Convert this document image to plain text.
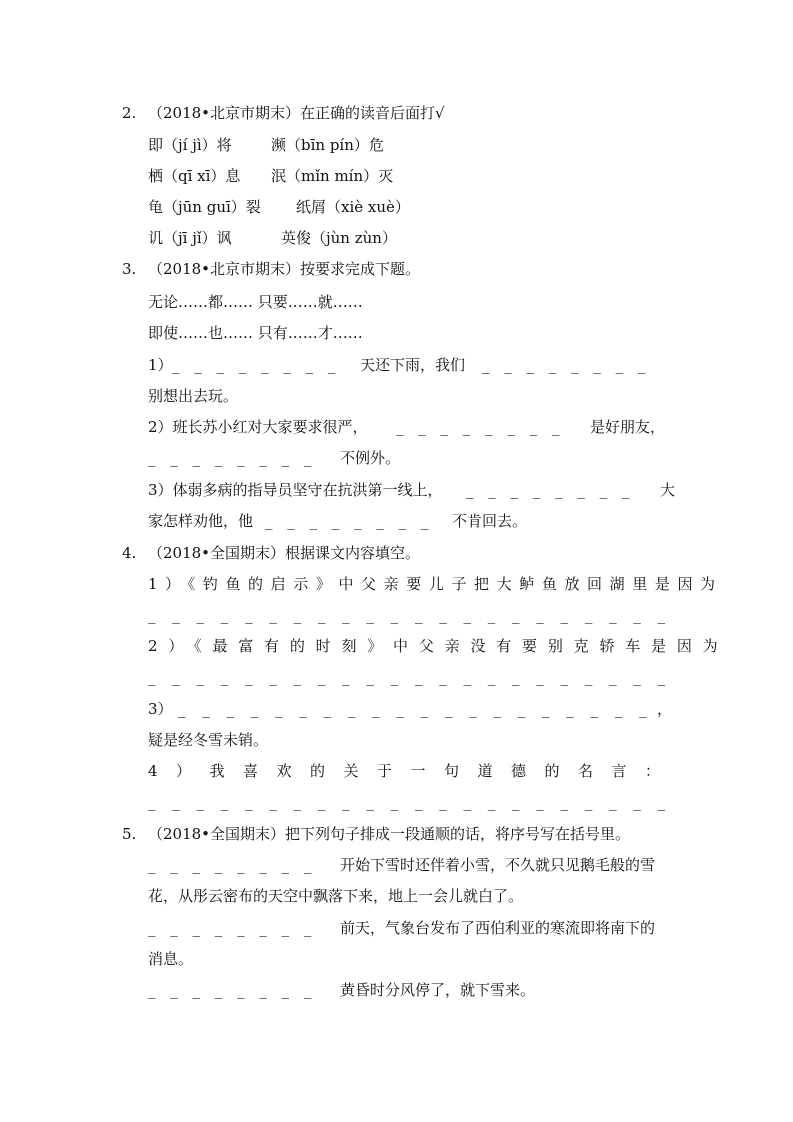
2. （2018•北京市期末）在正确的读音后面打√
即（jí jì）将	濒（bīn pín）危
栖（qī xī）息 泯（mǐn mín）灭
龟（jūn guī）裂 纸屑（xiè xuè）
讥（jī jǐ）讽	英俊（jùn zùn）
3. （2018•北京市期末）按要求完成下题。
无论……都…… 只要……就……
即使……也…… 只有……才……
1） _ _ _ _ _ _ _ _ 天还下雨，我们 _ _ _ _ _ _ _ _
别想出去玩。
2）班长苏小红对大家要求很严， _ _ _ _ _ _ _ _ 是好朋友，
_ _ _ _ _ _ _ _ 不例外。
3）体弱多病的指导员坚守在抗洪第一线上， _ _ _ _ _ _ _ _ 大
家怎样劝他，他 _ _ _ _ _ _ _ _ 不肯回去。
4. （2018•全国期末）根据课文内容填空。
1）《钓鱼的启示》中父亲要儿子把大鲈鱼放回湖里是因为
_ _ _ _ _ _ _ _ _ _ _ _ _ _ _ _ _ _ _ _ _ _
2）《最富有的时刻》中父亲没有要别克轿车是因为
_ _ _ _ _ _ _ _ _ _ _ _ _ _ _ _ _ _ _ _ _ _
3） _ _ _ _ _ _ _ _ _ _ _ _ _ _ _ _ _ _ _ _ ，
疑是经冬雪未销。
4）我喜欢的关于一句道德的名言：
_ _ _ _ _ _ _ _ _ _ _ _ _ _ _ _ _ _ _ _ _ _
5. （2018•全国期末）把下列句子排成一段通顺的话，将序号写在括号里。
_ _ _ _ _ _ _ _ 开始下雪时还伴着小雪，不久就只见鹅毛般的雪
花，从彤云密布的天空中飘落下来，地上一会儿就白了。
_ _ _ _ _ _ _ _ 前天，气象台发布了西伯利亚的寒流即将南下的
消息。
_ _ _ _ _ _ _ _ 黄昏时分风停了，就下雪来。
